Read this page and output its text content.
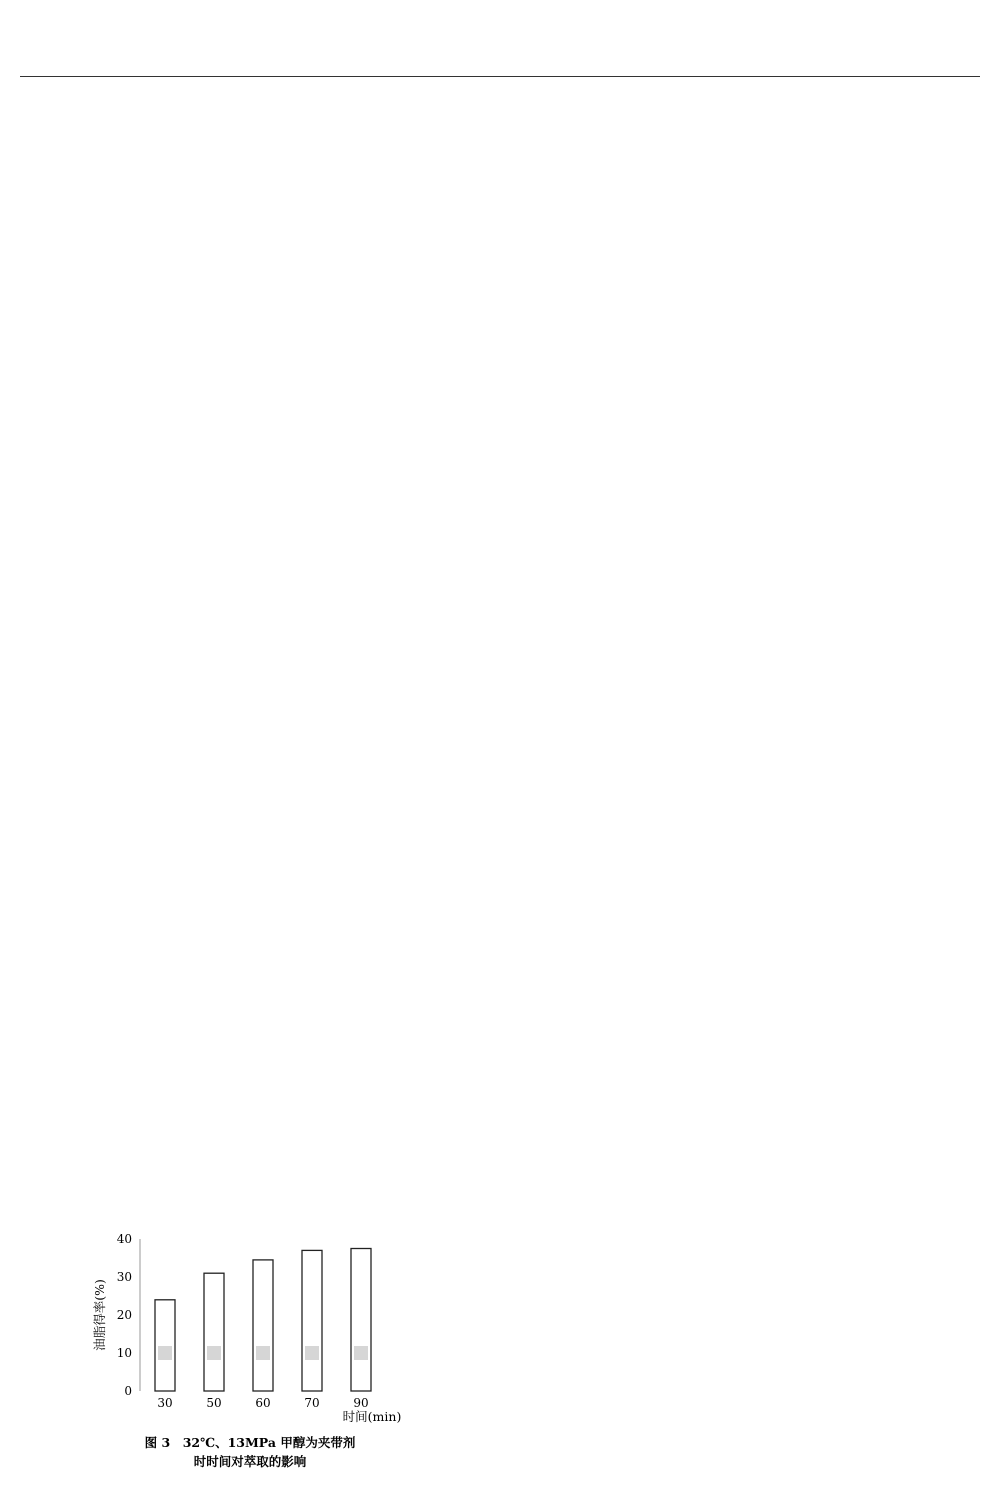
0
10
20
30
40
油脂得率(%)
30	50	60	70	90
时间(min)
图 3　32℃、13MPa 甲醇为夹带剂
时时间对萃取的影响
